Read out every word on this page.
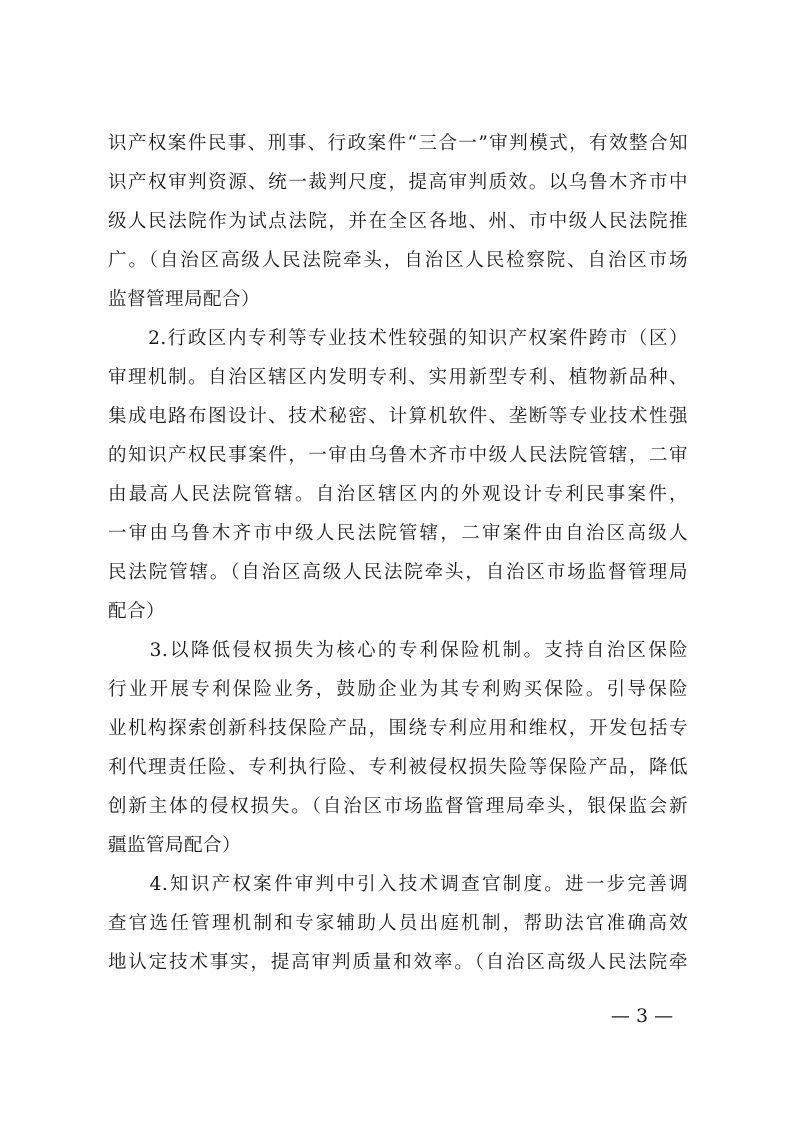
识产权案件民事、刑事、行政案件“三合一”审判模式，有效整合知
识产权审判资源、统一裁判尺度，提高审判质效。以乌鲁木齐市中
级人民法院作为试点法院，并在全区各地、州、市中级人民法院推
广。（自治区高级人民法院牵头，自治区人民检察院、自治区市场
监督管理局配合）
　　2.行政区内专利等专业技术性较强的知识产权案件跨市（区）
审理机制。自治区辖区内发明专利、实用新型专利、植物新品种、
集成电路布图设计、技术秘密、计算机软件、垄断等专业技术性强
的知识产权民事案件，一审由乌鲁木齐市中级人民法院管辖，二审
由最高人民法院管辖。自治区辖区内的外观设计专利民事案件，
一审由乌鲁木齐市中级人民法院管辖，二审案件由自治区高级人
民法院管辖。（自治区高级人民法院牵头，自治区市场监督管理局
配合）
　　3.以降低侵权损失为核心的专利保险机制。支持自治区保险
行业开展专利保险业务，鼓励企业为其专利购买保险。引导保险
业机构探索创新科技保险产品，围绕专利应用和维权，开发包括专
利代理责任险、专利执行险、专利被侵权损失险等保险产品，降低
创新主体的侵权损失。（自治区市场监督管理局牵头，银保监会新
疆监管局配合）
　　4.知识产权案件审判中引入技术调查官制度。进一步完善调
查官选任管理机制和专家辅助人员出庭机制，帮助法官准确高效
地认定技术事实，提高审判质量和效率。（自治区高级人民法院牵
— 3 —
